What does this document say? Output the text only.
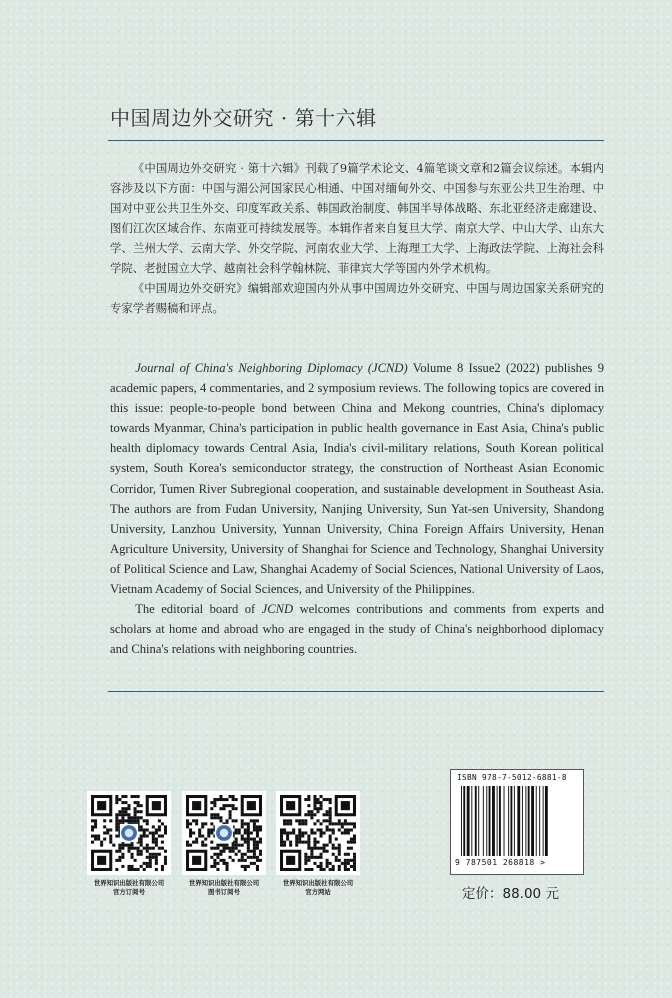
中国周边外交研究 · 第十六辑

《中国周边外交研究 · 第十六辑》刊载了9篇学术论文、4篇笔谈文章和2篇会议综述。本辑内容涉及以下方面：中国与湄公河国家民心相通、中国对缅甸外交、中国参与东亚公共卫生治理、中国对中亚公共卫生外交、印度军政关系、韩国政治制度、韩国半导体战略、东北亚经济走廊建设、图们江次区域合作、东南亚可持续发展等。本辑作者来自复旦大学、南京大学、中山大学、山东大学、兰州大学、云南大学、外交学院、河南农业大学、上海理工大学、上海政法学院、上海社会科学院、老挝国立大学、越南社会科学翰林院、菲律宾大学等国内外学术机构。

《中国周边外交研究》编辑部欢迎国内外从事中国周边外交研究、中国与周边国家关系研究的专家学者赐稿和评点。

Journal of China's Neighboring Diplomacy (JCND) Volume 8 Issue2 (2022) publishes 9 academic papers, 4 commentaries, and 2 symposium reviews. The following topics are covered in this issue: people-to-people bond between China and Mekong countries, China's diplomacy towards Myanmar, China's participation in public health governance in East Asia, China's public health diplomacy towards Central Asia, India's civil-military relations, South Korean political system, South Korea's semiconductor strategy, the construction of Northeast Asian Economic Corridor, Tumen River Subregional cooperation, and sustainable development in Southeast Asia. The authors are from Fudan University, Nanjing University, Sun Yat-sen University, Shandong University, Lanzhou University, Yunnan University, China Foreign Affairs University, Henan Agriculture University, University of Shanghai for Science and Technology, Shanghai University of Political Science and Law, Shanghai Academy of Social Sciences, National University of Laos, Vietnam Academy of Social Sciences, and University of the Philippines.

The editorial board of JCND welcomes contributions and comments from experts and scholars at home and abroad who are engaged in the study of China's neighborhood diplomacy and China's relations with neighboring countries.

世界知识出版社有限公司
官方订阅号
世界知识出版社有限公司
图书订阅号
世界知识出版社有限公司
官方网站
ISBN 978-7-5012-6881-8
9 787501 268818 >
定价：88.00 元
